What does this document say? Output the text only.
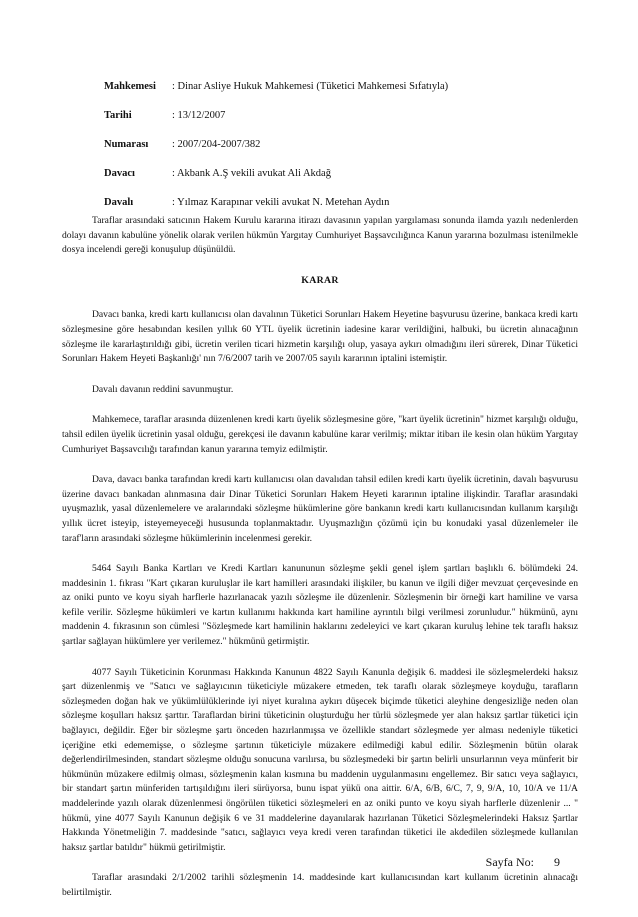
Mahkemesi	: Dinar Asliye Hukuk Mahkemesi (Tüketici Mahkemesi Sıfatıyla)
Tarihi	: 13/12/2007
Numarası	: 2007/204-2007/382
Davacı	: Akbank A.Ş vekili avukat Ali Akdağ
Davalı	: Yılmaz Karapınar vekili avukat N. Metehan Aydın

Taraflar arasındaki satıcının Hakem Kurulu kararına itirazı davasının yapılan yargılaması sonunda ilamda yazılı nedenlerden dolayı davanın kabulüne yönelik olarak verilen hükmün Yargıtay Cumhuriyet Başsavcılığınca Kanun yararına bozulması istenilmekle dosya incelendi gereği konuşulup düşünüldü.

KARAR

Davacı banka, kredi kartı kullanıcısı olan davalının Tüketici Sorunları Hakem Heyetine başvurusu üzerine, bankaca kredi kartı sözleşmesine göre hesabından kesilen yıllık 60 YTL üyelik ücretinin iadesine karar verildiğini, halbuki, bu ücretin alınacağının sözleşme ile kararlaştırıldığı gibi, ücretin verilen ticari hizmetin karşılığı olup, yasaya aykırı olmadığını ileri sürerek, Dinar Tüketici Sorunları Hakem Heyeti Başkanlığı' nın 7/6/2007 tarih ve 2007/05 sayılı kararının iptalini istemiştir.

Davalı davanın reddini savunmuştur.

Mahkemece, taraflar arasında düzenlenen kredi kartı üyelik sözleşmesine göre, "kart üyelik ücretinin" hizmet karşılığı olduğu, tahsil edilen üyelik ücretinin yasal olduğu, gerekçesi ile davanın kabulüne karar verilmiş; miktar itibarı ile kesin olan hüküm Yargıtay Cumhuriyet Başsavcılığı tarafından kanun yararına temyiz edilmiştir.

Dava, davacı banka tarafından kredi kartı kullanıcısı olan davalıdan tahsil edilen kredi kartı üyelik ücretinin, davalı başvurusu üzerine davacı bankadan alınmasına dair Dinar Tüketici Sorunları Hakem Heyeti kararının iptaline ilişkindir. Taraflar arasındaki uyuşmazlık, yasal düzenlemelere ve aralarındaki sözleşme hükümlerine göre bankanın kredi kartı kullanıcısından kullanım karşılığı yıllık ücret isteyip, isteyemeyeceği hususunda toplanmaktadır. Uyuşmazlığın çözümü için bu konudaki yasal düzenlemeler ile taraf'ların arasındaki sözleşme hükümlerinin incelenmesi gerekir.

5464 Sayılı Banka Kartları ve Kredi Kartları kanununun sözleşme şekli genel işlem şartları başlıklı 6. bölümdeki 24. maddesinin 1. fıkrası "Kart çıkaran kuruluşlar ile kart hamilleri arasındaki ilişkiler, bu kanun ve ilgili diğer mevzuat çerçevesinde en az oniki punto ve koyu siyah harflerle hazırlanacak yazılı sözleşme ile düzenlenir. Sözleşmenin bir örneği kart hamiline ve varsa kefile verilir. Sözleşme hükümleri ve kartın kullanımı hakkında kart hamiline ayrıntılı bilgi verilmesi zorunludur." hükmünü, aynı maddenin 4. fıkrasının son cümlesi "Sözleşmede kart hamilinin haklarını zedeleyici ve kart çıkaran kuruluş lehine tek taraflı haksız şartlar sağlayan hükümlere yer verilemez." hükmünü getirmiştir.

4077 Sayılı Tüketicinin Korunması Hakkında Kanunun 4822 Sayılı Kanunla değişik 6. maddesi ile sözleşmelerdeki haksız şart düzenlenmiş ve "Satıcı ve sağlayıcının tüketiciyle müzakere etmeden, tek taraflı olarak sözleşmeye koyduğu, tarafların sözleşmeden doğan hak ve yükümlülüklerinde iyi niyet kuralına aykırı düşecek biçimde tüketici aleyhine dengesizliğe neden olan sözleşme koşulları haksız şarttır. Taraflardan birini tüketicinin oluşturduğu her türlü sözleşmede yer alan haksız şartlar tüketici için bağlayıcı, değildir. Eğer bir sözleşme şartı önceden hazırlanmışsa ve özellikle standart sözleşmede yer alması nedeniyle tüketici içeriğine etki edememişse, o sözleşme şartının tüketiciyle müzakere edilmediği kabul edilir. Sözleşmenin bütün olarak değerlendirilmesinden, standart sözleşme olduğu sonucuna varılırsa, bu sözleşmedeki bir şartın belirli unsurlarının veya münferit bir hükmünün müzakere edilmiş olması, sözleşmenin kalan kısmına bu maddenin uygulanmasını engellemez. Bir satıcı veya sağlayıcı, bir standart şartın münferiden tartışıldığını ileri sürüyorsa, bunu ispat yükü ona aittir. 6/A, 6/B, 6/C, 7, 9, 9/A, 10, 10/A ve 11/A maddelerinde yazılı olarak düzenlenmesi öngörülen tüketici sözleşmeleri en az oniki punto ve koyu siyah harflerle düzenlenir ... " hükmü, yine 4077 Sayılı Kanunun değişik 6 ve 31 maddelerine dayanılarak hazırlanan Tüketici Sözleşmelerindeki Haksız Şartlar Hakkında Yönetmeliğin 7. maddesinde "satıcı, sağlayıcı veya kredi veren tarafından tüketici ile akdedilen sözleşmede kullanılan haksız şartlar batıldır" hükmü getirilmiştir.

Taraflar arasındaki 2/1/2002 tarihli sözleşmenin 14. maddesinde kart kullanıcısından kart kullanım ücretinin alınacağı belirtilmiştir.

Sayfa No: 9
